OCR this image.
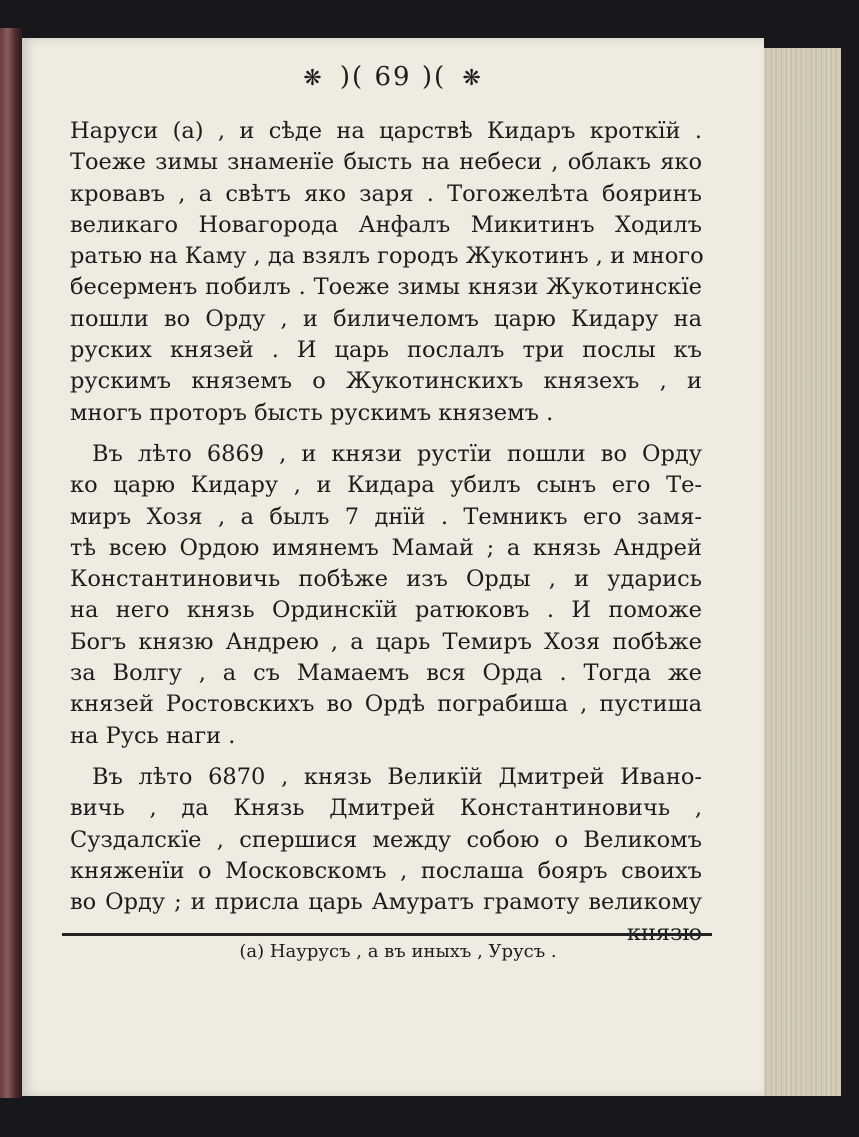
❋ )( 69 )( ❋
Наруси (а) , и сѣде на царствѣ Кидаръ кроткїй .
Тоеже зимы знаменїе бысть на небеси , облакъ яко
кровавъ , а свѣтъ яко заря . Тогожелѣта бояринъ
великаго Новагорода Анфалъ Микитинъ Ходилъ
ратью на Каму , да взялъ городъ Жукотинъ , и много
бесерменъ побилъ . Тоеже зимы князи Жукотинскїе
пошли во Орду , и биличеломъ царю Кидару на
руских князей . И царь послалъ три послы къ
рускимъ княземъ о Жукотинскихъ князехъ , и
многъ проторъ бысть рускимъ княземъ .
Въ лѣто 6869 , и князи рустїи пошли во Орду
ко царю Кидару , и Кидара убилъ сынъ его Те-
миръ Хозя , а былъ 7 днїй . Темникъ его замя-
тѣ всею Ордою имянемъ Мамай ; а князь Андрей
Константиновичь побѣже изъ Орды , и ударись
на него князь Ординскїй ратюковъ . И поможе
Богъ князю Андрею , а царь Темиръ Хозя побѣже
за Волгу , а съ Мамаемъ вся Орда . Тогда же
князей Ростовскихъ во Ордѣ пограбиша , пустиша
на Русь наги .
Въ лѣто 6870 , князь Великїй Дмитрей Ивано-
вичь , да Князь Дмитрей Константиновичь ,
Суздалскїе , спершися между собою о Великомъ
княженїи о Московскомъ , послаша бояръ своихъ
во Орду ; и присла царь Амуратъ грамоту великому
князю
(а) Наурусъ , а въ иныхъ , Урусъ .
